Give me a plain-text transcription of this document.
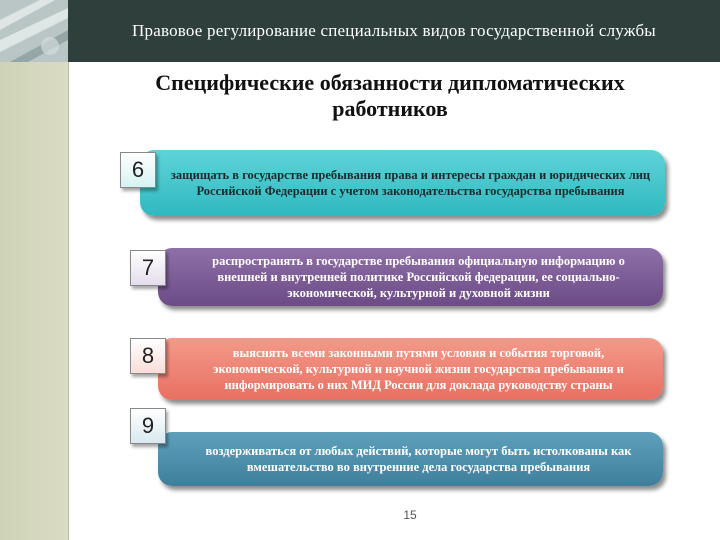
Правовое регулирование специальных видов государственной службы
Специфические обязанности дипломатических работников
защищать в государстве пребывания права и интересы граждан и юридических лиц Российской Федерации с учетом законодательства государства пребывания
6
распространять в государстве пребывания официальную информацию о внешней и внутренней политике Российской федерации, ее социально-экономической, культурной и духовной жизни
7
выяснять всеми законными путями условия и события торговой, экономической, культурной и научной жизни государства пребывания и информировать о них МИД России для доклада руководству страны
8
воздерживаться от любых действий, которые могут быть истолкованы как вмешательство во внутренние дела государства пребывания
9
15
